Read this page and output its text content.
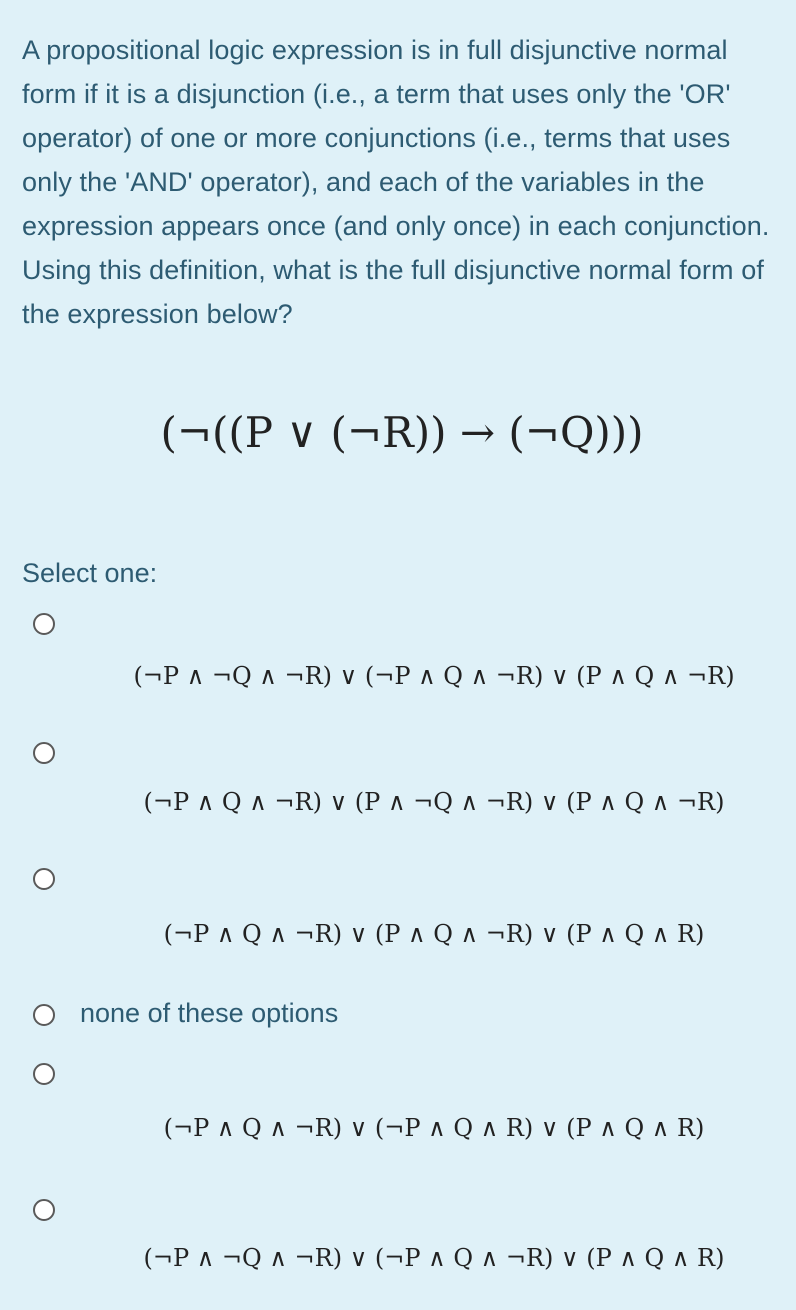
A propositional logic expression is in full disjunctive normal form if it is a disjunction (i.e., a term that uses only the 'OR' operator) of one or more conjunctions (i.e., terms that uses only the 'AND' operator), and each of the variables in the expression appears once (and only once) in each conjunction. Using this definition, what is the full disjunctive normal form of the expression below?
(¬((P ∨ (¬R)) → (¬Q)))
Select one:
(¬P ∧ ¬Q ∧ ¬R) ∨ (¬P ∧ Q ∧ ¬R) ∨ (P ∧ Q ∧ ¬R)
(¬P ∧ Q ∧ ¬R) ∨ (P ∧ ¬Q ∧ ¬R) ∨ (P ∧ Q ∧ ¬R)
(¬P ∧ Q ∧ ¬R) ∨ (P ∧ Q ∧ ¬R) ∨ (P ∧ Q ∧ R)
none of these options
(¬P ∧ Q ∧ ¬R) ∨ (¬P ∧ Q ∧ R) ∨ (P ∧ Q ∧ R)
(¬P ∧ ¬Q ∧ ¬R) ∨ (¬P ∧ Q ∧ ¬R) ∨ (P ∧ Q ∧ R)
